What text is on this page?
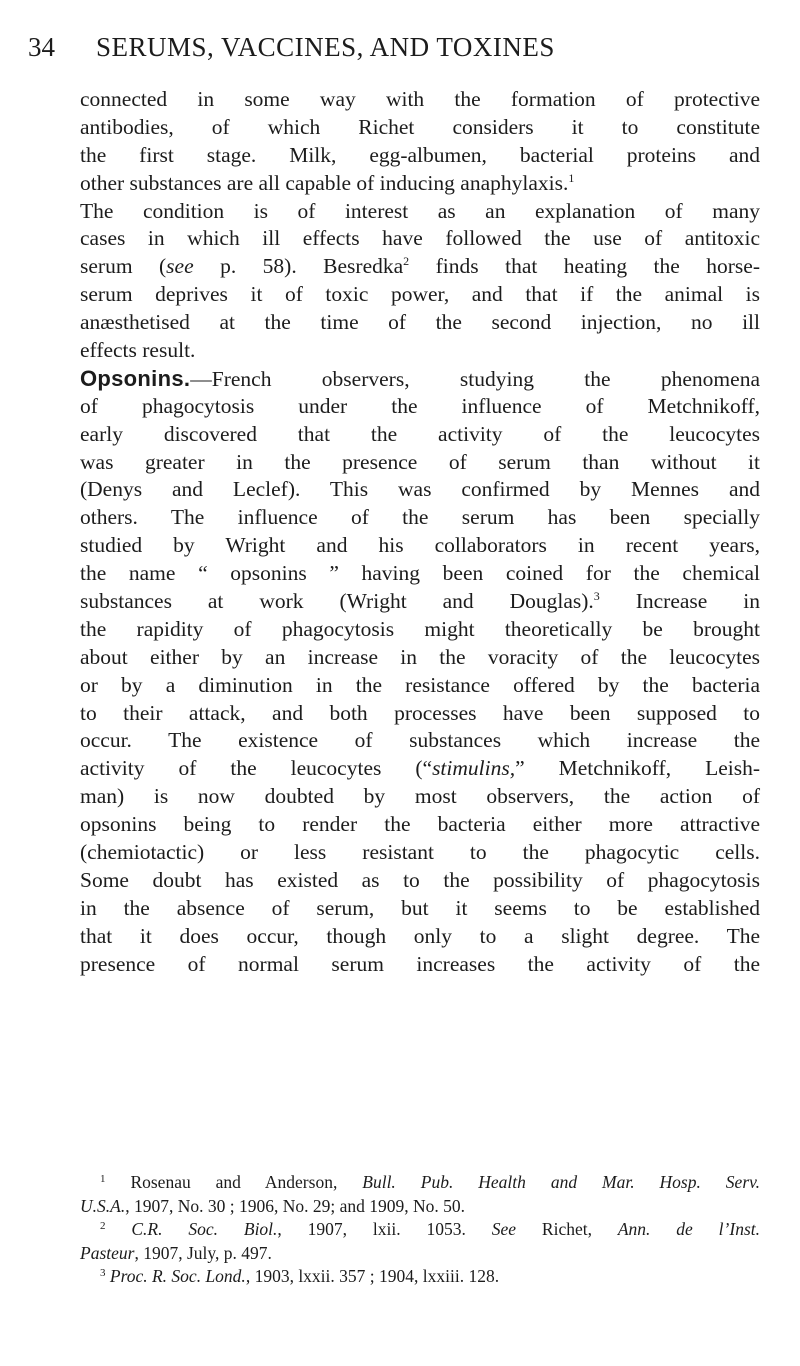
34 SERUMS, VACCINES, AND TOXINES
connected in some way with the formation of protective
antibodies, of which Richet considers it to constitute
the first stage. Milk, egg-albumen, bacterial proteins and
other substances are all capable of inducing anaphylaxis.$^1$
The condition is of interest as an explanation of many
cases in which ill effects have followed the use of antitoxic
serum (see p. 58). Besredka$^2$ finds that heating the horse-
serum deprives it of toxic power, and that if the animal is
anæsthetised at the time of the second injection, no ill
effects result.
Opsonins.—French observers, studying the phenomena
of phagocytosis under the influence of Metchnikoff,
early discovered that the activity of the leucocytes
was greater in the presence of serum than without it
(Denys and Leclef). This was confirmed by Mennes and
others. The influence of the serum has been specially
studied by Wright and his collaborators in recent years,
the name “ opsonins ” having been coined for the chemical
substances at work (Wright and Douglas).$^3$ Increase in
the rapidity of phagocytosis might theoretically be brought
about either by an increase in the voracity of the leucocytes
or by a diminution in the resistance offered by the bacteria
to their attack, and both processes have been supposed to
occur. The existence of substances which increase the
activity of the leucocytes (“stimulins,” Metchnikoff, Leish-
man) is now doubted by most observers, the action of
opsonins being to render the bacteria either more attractive
(chemiotactic) or less resistant to the phagocytic cells.
Some doubt has existed as to the possibility of phagocytosis
in the absence of serum, but it seems to be established
that it does occur, though only to a slight degree. The
presence of normal serum increases the activity of the
$^1$ Rosenau and Anderson, Bull. Pub. Health and Mar. Hosp. Serv.
U.S.A., 1907, No. 30 ; 1906, No. 29; and 1909, No. 50.
$^2$ C.R. Soc. Biol., 1907, lxii. 1053. See Richet, Ann. de l’Inst.
Pasteur, 1907, July, p. 497.
$^3$ Proc. R. Soc. Lond., 1903, lxxii. 357 ; 1904, lxxiii. 128.
